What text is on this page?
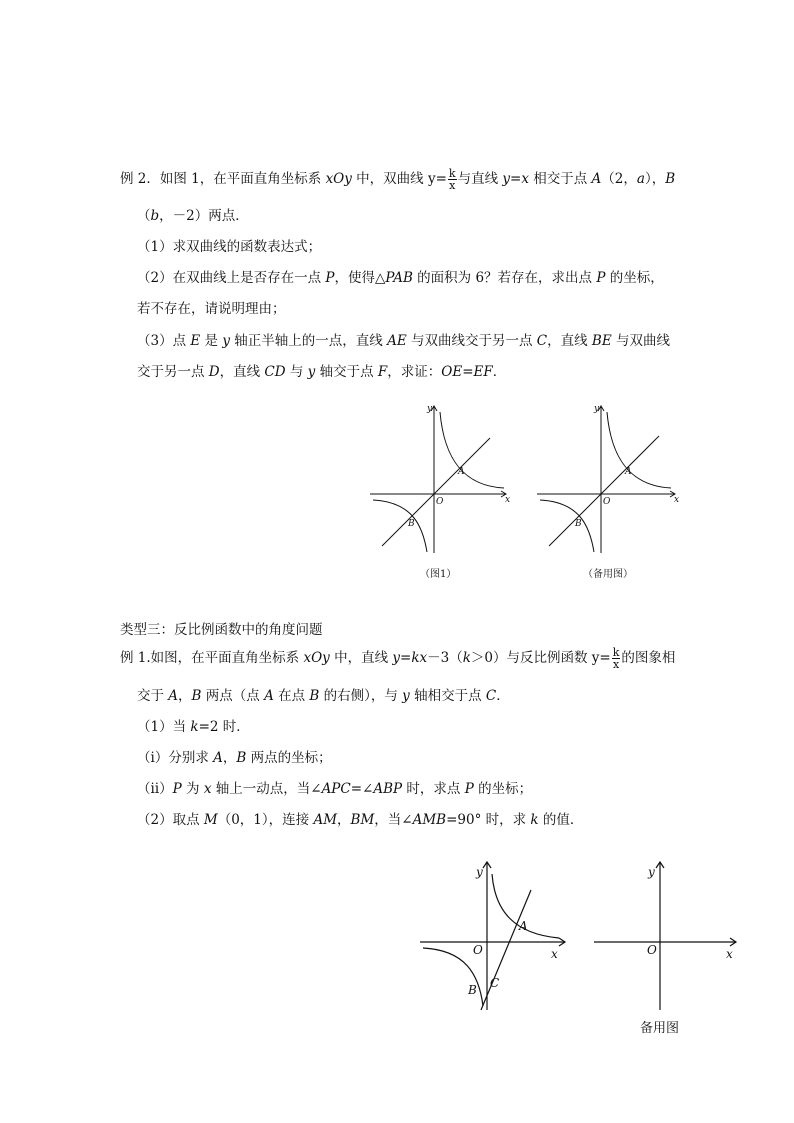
例 2．如图 1，在平面直角坐标系 xOy 中，双曲线 $y= \frac{k}{x}$ 与直线 y=x 相交于点 A（2，a），B
（b，－2）两点．
（1）求双曲线的函数表达式；
（2）在双曲线上是否存在一点 P，使得△PAB 的面积为 6？若存在，求出点 P 的坐标，
若不存在，请说明理由；
（3）点 E 是 y 轴正半轴上的一点，直线 AE 与双曲线交于另一点 C，直线 BE 与双曲线
交于另一点 D，直线 CD 与 y 轴交于点 F，求证：OE=EF．
y
x
O
A
B
（图1）
y
x
O
A
B
（备用图）
类型三：反比例函数中的角度问题
例 1.如图，在平面直角坐标系 xOy 中，直线 y=kx－3（k＞0）与反比例函数 $y= \frac{k}{x}$ 的图象相
交于 A，B 两点（点 A 在点 B 的右侧），与 y 轴相交于点 C．
（1）当 k=2 时．
（ⅰ）分别求 A，B 两点的坐标；
（ⅱ）P 为 x 轴上一动点，当∠APC=∠ABP 时，求点 P 的坐标；
（2）取点 M（0，1），连接 AM，BM，当∠AMB=90° 时，求 k 的值．
y
x
O
A
B C
y
x
O
备用图
